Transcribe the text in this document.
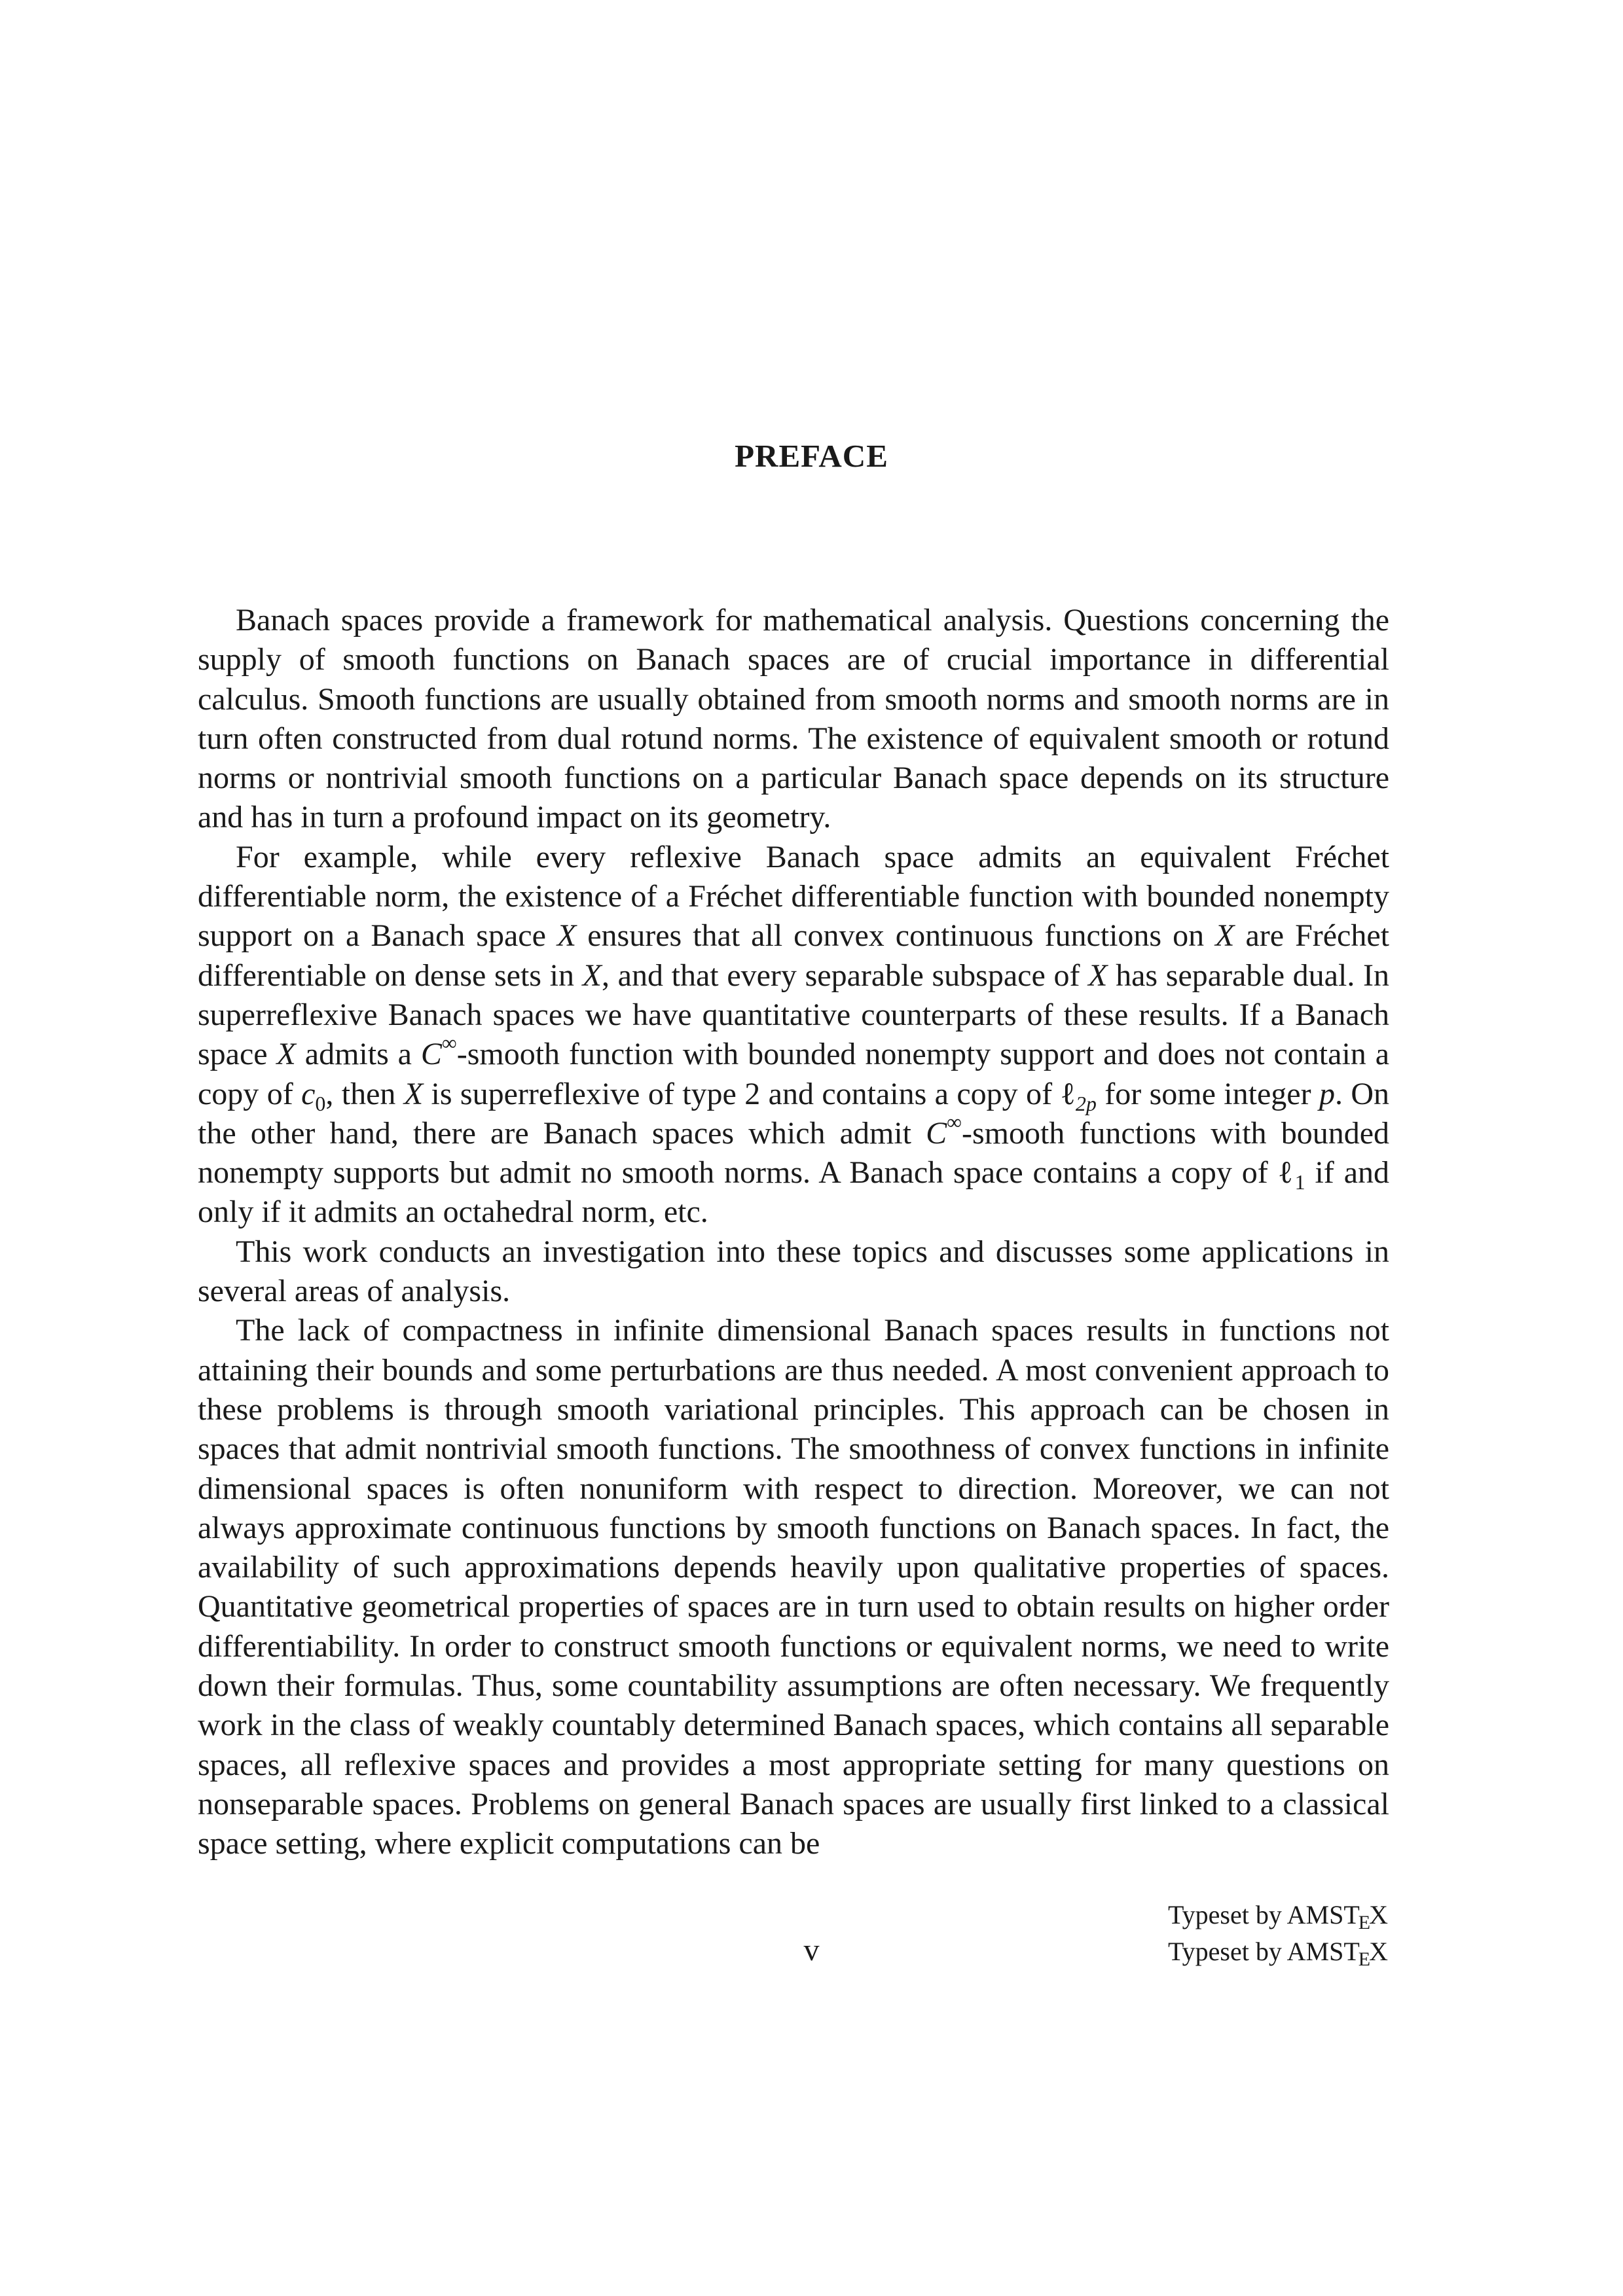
PREFACE

Banach spaces provide a framework for mathematical analysis. Questions concerning the supply of smooth functions on Banach spaces are of crucial importance in differential calculus. Smooth functions are usually obtained from smooth norms and smooth norms are in turn often constructed from dual rotund norms. The existence of equivalent smooth or rotund norms or nontrivial smooth functions on a particular Banach space depends on its structure and has in turn a profound impact on its geometry.

For example, while every reflexive Banach space admits an equivalent Fréchet differentiable norm, the existence of a Fréchet differentiable function with bounded nonempty support on a Banach space X ensures that all convex continuous functions on X are Fréchet differentiable on dense sets in X, and that every separable subspace of X has separable dual. In superreflexive Banach spaces we have quantitative counterparts of these results. If a Banach space X admits a C∞-smooth function with bounded nonempty support and does not contain a copy of $c_0$, then X is superreflexive of type 2 and contains a copy of ℓ$_{2p}$ for some integer p. On the other hand, there are Banach spaces which admit C∞-smooth functions with bounded nonempty supports but admit no smooth norms. A Banach space contains a copy of ℓ$_1$ if and only if it admits an octahedral norm, etc.

This work conducts an investigation into these topics and discusses some applications in several areas of analysis.

The lack of compactness in infinite dimensional Banach spaces results in functions not attaining their bounds and some perturbations are thus needed. A most convenient approach to these problems is through smooth variational principles. This approach can be chosen in spaces that admit nontrivial smooth functions. The smoothness of convex functions in infinite dimensional spaces is often nonuniform with respect to direction. Moreover, we can not always approximate continuous functions by smooth functions on Banach spaces. In fact, the availability of such approximations depends heavily upon qualitative properties of spaces. Quantitative geometrical properties of spaces are in turn used to obtain results on higher order differentiability. In order to construct smooth functions or equivalent norms, we need to write down their formulas. Thus, some countability assumptions are often necessary. We frequently work in the class of weakly countably determined Banach spaces, which contains all separable spaces, all reflexive spaces and provides a most appropriate setting for many questions on nonseparable spaces. Problems on general Banach spaces are usually first linked to a classical space setting, where explicit computations can be

Typeset by $AMST_EX$
v	Typeset by $AMST_EX$
